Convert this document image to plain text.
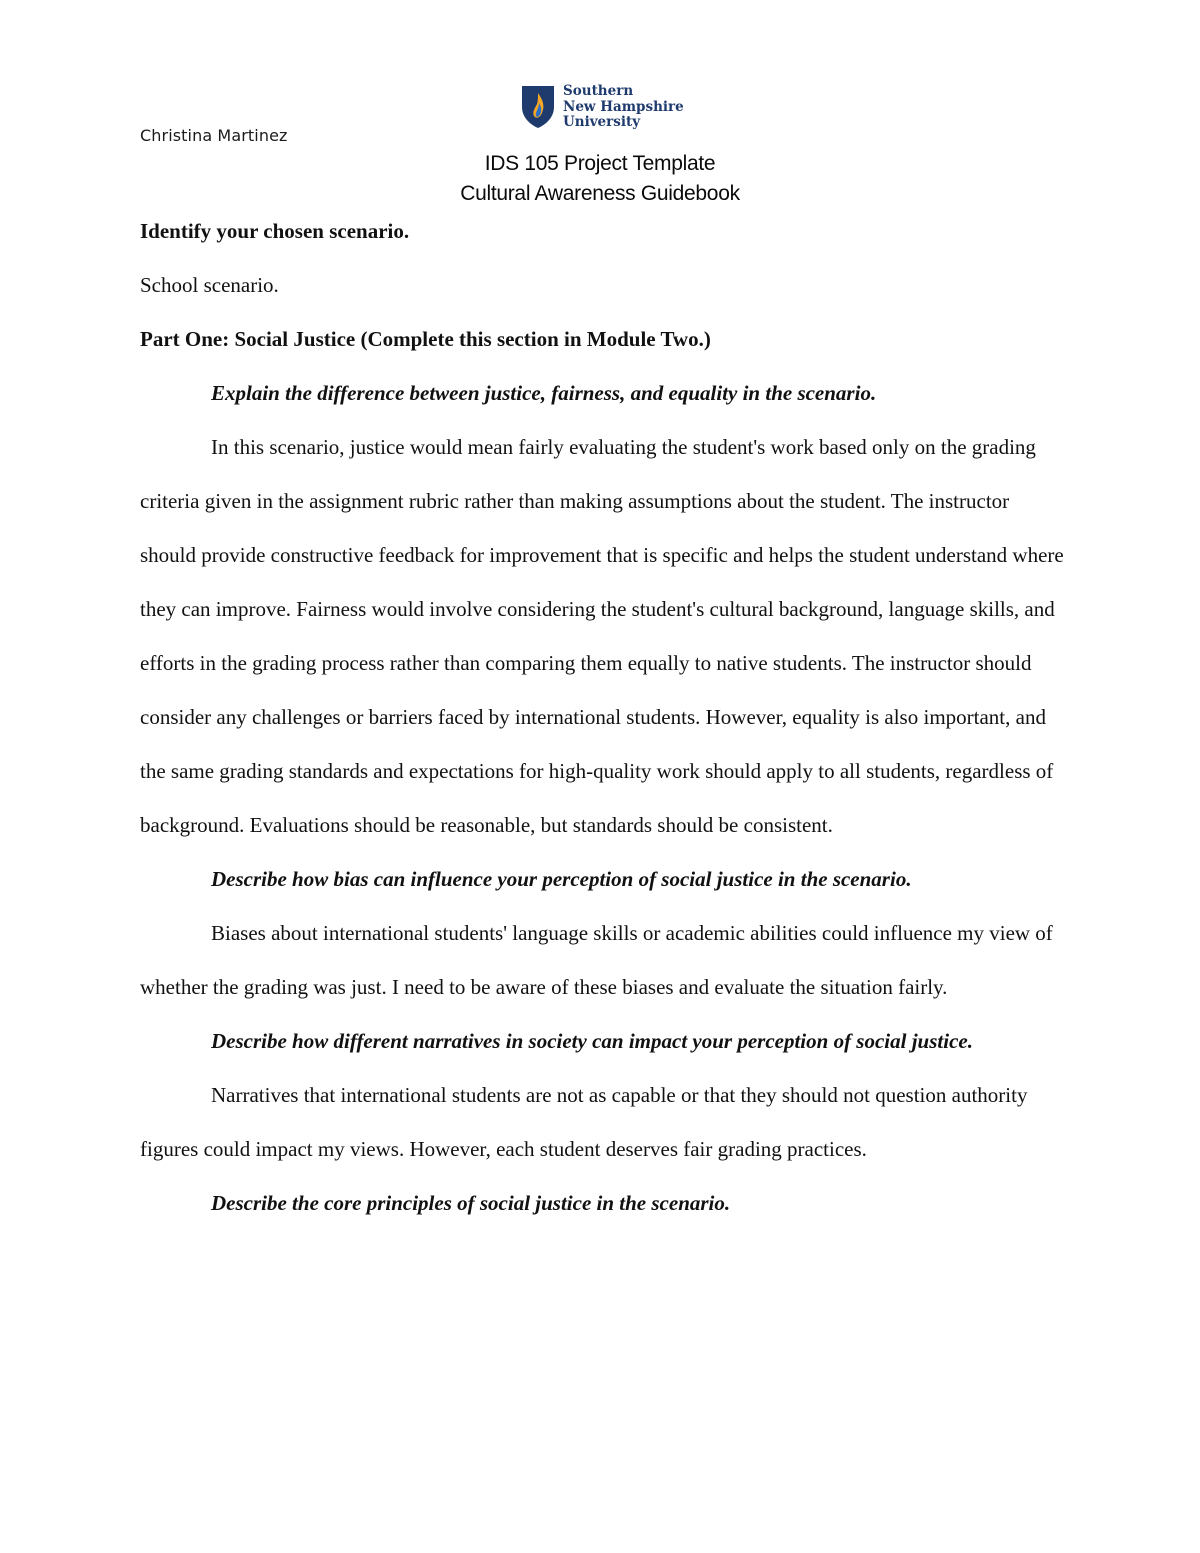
Southern
New Hampshire
University
Christina Martinez
IDS 105 Project Template
Cultural Awareness Guidebook

Identify your chosen scenario.

School scenario.

Part One: Social Justice (Complete this section in Module Two.)

Explain the difference between justice, fairness, and equality in the scenario.

In this scenario, justice would mean fairly evaluating the student's work based only on the grading criteria given in the assignment rubric rather than making assumptions about the student. The instructor should provide constructive feedback for improvement that is specific and helps the student understand where they can improve. Fairness would involve considering the student's cultural background, language skills, and efforts in the grading process rather than comparing them equally to native students. The instructor should consider any challenges or barriers faced by international students. However, equality is also important, and the same grading standards and expectations for high-quality work should apply to all students, regardless of background. Evaluations should be reasonable, but standards should be consistent.

Describe how bias can influence your perception of social justice in the scenario.

Biases about international students' language skills or academic abilities could influence my view of whether the grading was just. I need to be aware of these biases and evaluate the situation fairly.

Describe how different narratives in society can impact your perception of social justice.

Narratives that international students are not as capable or that they should not question authority figures could impact my views. However, each student deserves fair grading practices.

Describe the core principles of social justice in the scenario.
